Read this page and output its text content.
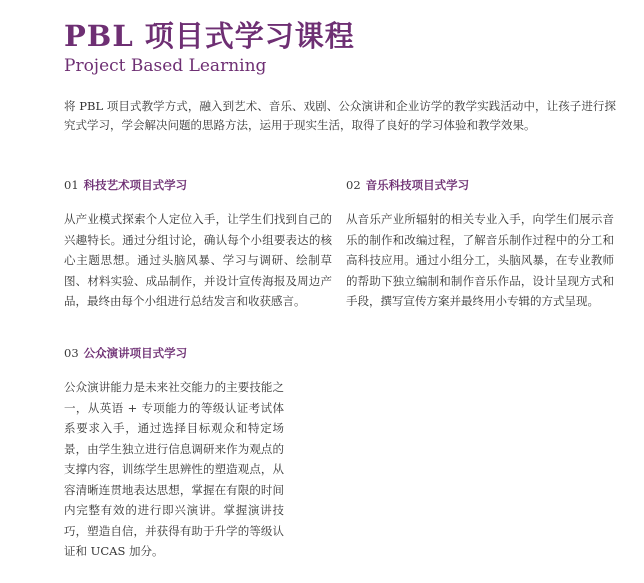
PBL 项目式学习课程
Project Based Learning
将 PBL 项目式教学方式，融入到艺术、音乐、戏剧、公众演讲和企业访学的教学实践活动中，让孩子进行探究式学习，学会解决问题的思路方法，运用于现实生活，取得了良好的学习体验和教学效果。
01 科技艺术项目式学习
从产业模式探索个人定位入手，让学生们找到自己的兴趣特长。通过分组讨论，确认每个小组要表达的核心主题思想。通过头脑风暴、学习与调研、绘制草图、材料实验、成品制作，并设计宣传海报及周边产品，最终由每个小组进行总结发言和收获感言。
02 音乐科技项目式学习
从音乐产业所辐射的相关专业入手，向学生们展示音乐的制作和改编过程，了解音乐制作过程中的分工和高科技应用。通过小组分工，头脑风暴，在专业教师的帮助下独立编制和制作音乐作品，设计呈现方式和手段，撰写宣传方案并最终用小专辑的方式呈现。
03 公众演讲项目式学习
公众演讲能力是未来社交能力的主要技能之一，从英语 + 专项能力的等级认证考试体系要求入手，通过选择目标观众和特定场景，由学生独立进行信息调研来作为观点的支撑内容，训练学生思辨性的塑造观点，从容清晰连贯地表达思想，掌握在有限的时间内完整有效的进行即兴演讲。掌握演讲技巧，塑造自信，并获得有助于升学的等级认证和 UCAS 加分。
